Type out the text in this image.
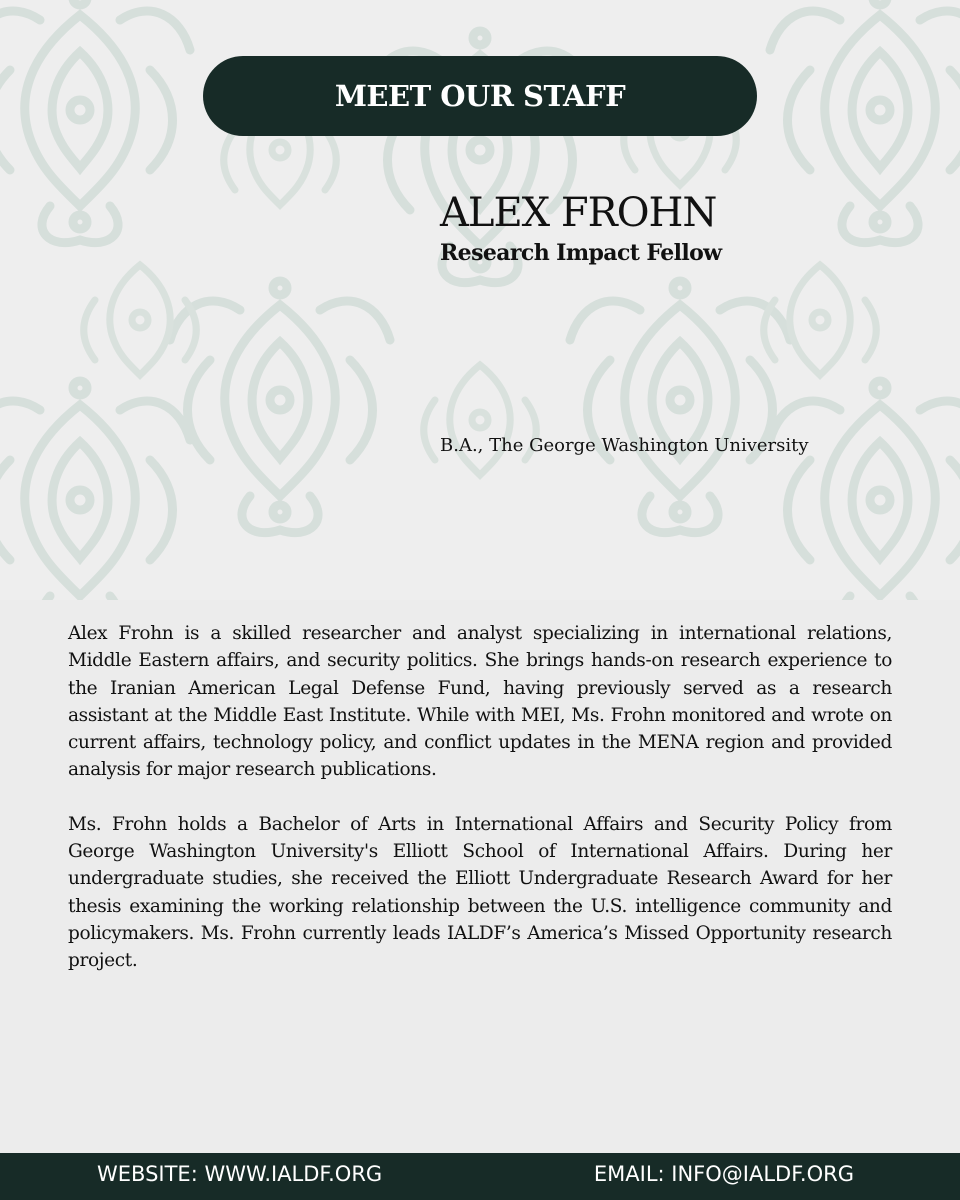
MEET OUR STAFF
ALEX FROHN
Research Impact Fellow

B.A., The George Washington University

Alex Frohn is a skilled researcher and analyst specializing in international relations, Middle Eastern affairs, and security politics. She brings hands-on research experience to the Iranian American Legal Defense Fund, having previously served as a research assistant at the Middle East Institute. While with MEI, Ms. Frohn monitored and wrote on current affairs, technology policy, and conflict updates in the MENA region and provided analysis for major research publications.

Ms. Frohn holds a Bachelor of Arts in International Affairs and Security Policy from George Washington University's Elliott School of International Affairs. During her undergraduate studies, she received the Elliott Undergraduate Research Award for her thesis examining the working relationship between the U.S. intelligence community and policymakers. Ms. Frohn currently leads IALDF’s America’s Missed Opportunity research project.

WEBSITE: WWW.IALDF.ORG	EMAIL: INFO@IALDF.ORG
